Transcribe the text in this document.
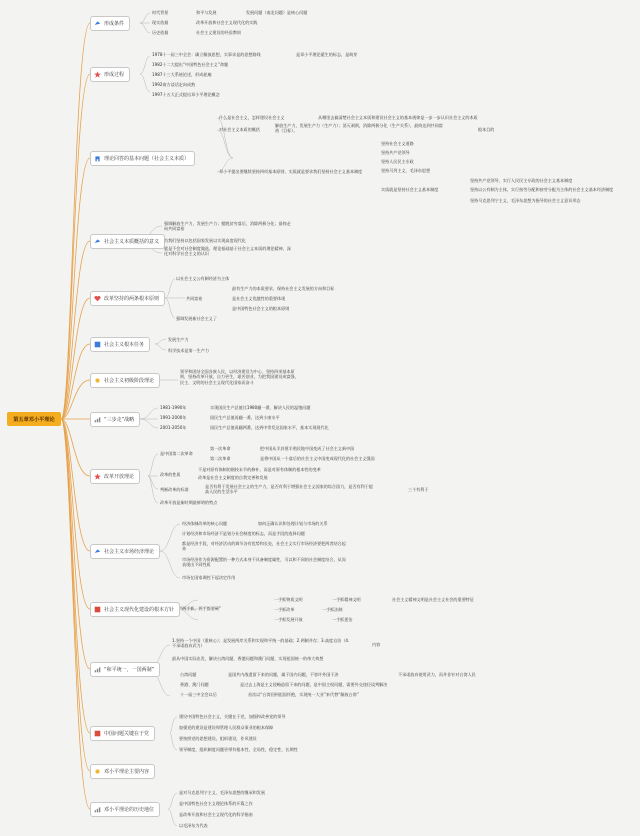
第五章邓小平理论
形成条件
形成过程
理论回答的基本问题（社会主义本质）
社会主义本质概括的意义
改革坚持的两条根本原则
社会主义根本任务
社会主义初级阶段理论
“三步走”战略
改革开放理论
社会主义市场经济理论
社会主义现代化建设的根本方针
“和平统一，一国两制”
中国问题关键在于党
邓小平理论主要内容
邓小平理论的历史地位
时代背景	和平与发展	发展问题（南北问题）是核心问题
现实依据	改革开放和社会主义现代化的实践
历史依据	社会主义建设的经验教训
1978十一届三中全会：确立解放思想，实事求是的思想路线	是邓小平理论诞生的标志，是萌芽
1982十二大提出“中国特色社会主义”命题
1987十三大系统论述，形成轮廓
1992南方谈话走向成熟
1997十五大正式提出邓小平理论概念
什么是社会主义，怎样建设社会主义	从哪里去搞清楚社会主义本质和建设社会主义的基本规律是一步一步认识社会主义的本质
对社会主义本质的概括
解放生产力，发展生产力（生产力）；消灭剥削，消除两极分化（生产关系），最终达到共同富裕（目标）。	根本目的
坚持社会主义道路
坚持共产党领导
坚持人民民主专政
坚持马列主义，毛泽东思想
邓小平提出要继续坚持四项基本原则，实质就是要求我们坚持社会主义基本制度
坚持共产党领导，实行人民民主专政的社会主义基本制度
坚持以公有制为主体，实行按劳分配和按劳分配为主体的社会主义基本经济制度
坚持马克思列宁主义，毛泽东思想为指导的社会主义意识形态
实质就是坚持社会主义基本制度
强调解放生产力，发展生产力；摆脱贫穷落后，消除两极分化；最终走向共同富裕
为我们坚持以包括国家发展以实现高度现代化
就是不会对社会制度做选，理论基础基于社会主义本质的理论精神，深化对科学社会主义的认识
以社会主义公有制经济为主体
最有生产力的本质要求，保持社会主义发展的方向和目标
共同富裕	是社会主义优越性的重要体现
是中国特色社会主义的根本原则
强调发展新社会主义了
发展生产力
科学技术是第一生产力
领导和团结全国各族人民，以经济建设为中心，坚持四项基本原则，坚持改革开放，自力更生，艰苦创业，为把我国建设成富强、民主、文明的社会主义现代化国家而奋斗
1981-1990年	实现国民生产总值比1980翻一番，解决人民的温饱问题
1991-2000年	国民生产总值再翻一番，达到小康水平
2001-2050年	国民生产总值再翻两番，达到中等发达国家水平，基本实现现代化
是中国第二次革命
第一次革命	把中国从半封建半殖民地中国变成了社会主义新中国
第二次革命	是将中国从一个落后的社会主义中国变成现代化的社会主义强国
改革的性质
不是对原有体制的细枝末节的修补，而是对原有体制的根本性的变革
改革是社会主义制度的自我完善和发展
判断改革的标准
是否有利于发展社会主义的生产力，是否有利于增强社会主义国家的综合国力，是否有利于提高人民的生活水平	三个有利于
改革开放是新时期最鲜明的特点
经济体制改革的核心问题	如何正确认识和处理计划与市场的关系
计划经济和市场经济不是划分社会制度的标志，而是手段的选择问题
都是经济手段，对经济活动的调节各有优势和长处，社会主义实行市场经济要把两者结合起来
市场经济作为资源配置的一种方式本身不具备制度属性，可以和不同的社会制度结合，从而表现出不同性质
市场在国家调控下起决定作用
“两手抓，两手都要硬”
一手抓物质文明	一手抓精神文明	社会主义精神文明是社会主义社会的重要特征
一手抓改革	一手抓法制
一手抓发展开放	一手抓惩治
1.坚持一个中国（重核心）；是发展两岸关系和实现和平统一的基础；2.两制并存；3.高度自治（4.不承诺放弃武力）	内容
最从中国实际出发，解决台湾问题，香港问题和澳门问题，实现祖国统一的伟大构想
台湾问题	是国共内战遗留下来的问题，属于国内问题，不容许外国干涉	不承诺放弃使用武力，而并非针对台湾人民
香港、澳门问题	是过去上海是主义侵略造留下来的问题，是中国主权问题，需要外交途径谈判解决
十一届三中全会以后	首次以“台湾回到祖国怀抱，实现统一大业”来代替“解放台湾”
建设中国特色社会主义，关键在于党，加强和改善党的领导
加强党的建设是建设和管理人民群众事业的根本保障
要按照党的思想建设，组织建设，作风建设
领导制度，组织制度问题更带有根本性，全局性，稳定性，长期性
是对马克思列宁主义、毛泽东思想的继承和发展
是中国特色社会主义理论体系的开篇之作
是改革开放和社会主义现代化的科学指南
以毛泽东为代表
